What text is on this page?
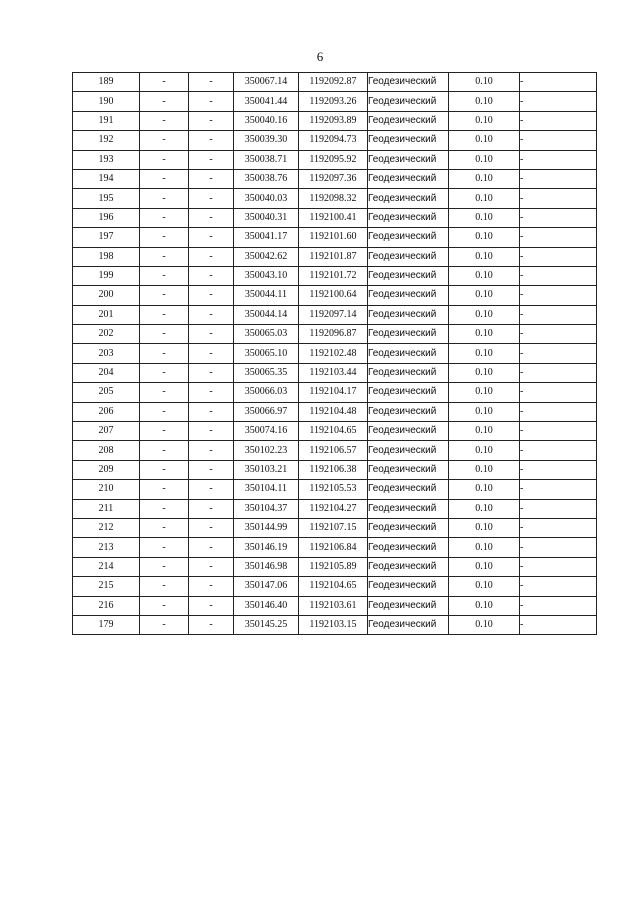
6
189	-	-	350067.14	1192092.87	Геодезический	0.10	-
190	-	-	350041.44	1192093.26	Геодезический	0.10	-
191	-	-	350040.16	1192093.89	Геодезический	0.10	-
192	-	-	350039.30	1192094.73	Геодезический	0.10	-
193	-	-	350038.71	1192095.92	Геодезический	0.10	-
194	-	-	350038.76	1192097.36	Геодезический	0.10	-
195	-	-	350040.03	1192098.32	Геодезический	0.10	-
196	-	-	350040.31	1192100.41	Геодезический	0.10	-
197	-	-	350041.17	1192101.60	Геодезический	0.10	-
198	-	-	350042.62	1192101.87	Геодезический	0.10	-
199	-	-	350043.10	1192101.72	Геодезический	0.10	-
200	-	-	350044.11	1192100.64	Геодезический	0.10	-
201	-	-	350044.14	1192097.14	Геодезический	0.10	-
202	-	-	350065.03	1192096.87	Геодезический	0.10	-
203	-	-	350065.10	1192102.48	Геодезический	0.10	-
204	-	-	350065.35	1192103.44	Геодезический	0.10	-
205	-	-	350066.03	1192104.17	Геодезический	0.10	-
206	-	-	350066.97	1192104.48	Геодезический	0.10	-
207	-	-	350074.16	1192104.65	Геодезический	0.10	-
208	-	-	350102.23	1192106.57	Геодезический	0.10	-
209	-	-	350103.21	1192106.38	Геодезический	0.10	-
210	-	-	350104.11	1192105.53	Геодезический	0.10	-
211	-	-	350104.37	1192104.27	Геодезический	0.10	-
212	-	-	350144.99	1192107.15	Геодезический	0.10	-
213	-	-	350146.19	1192106.84	Геодезический	0.10	-
214	-	-	350146.98	1192105.89	Геодезический	0.10	-
215	-	-	350147.06	1192104.65	Геодезический	0.10	-
216	-	-	350146.40	1192103.61	Геодезический	0.10	-
179	-	-	350145.25	1192103.15	Геодезический	0.10	-
